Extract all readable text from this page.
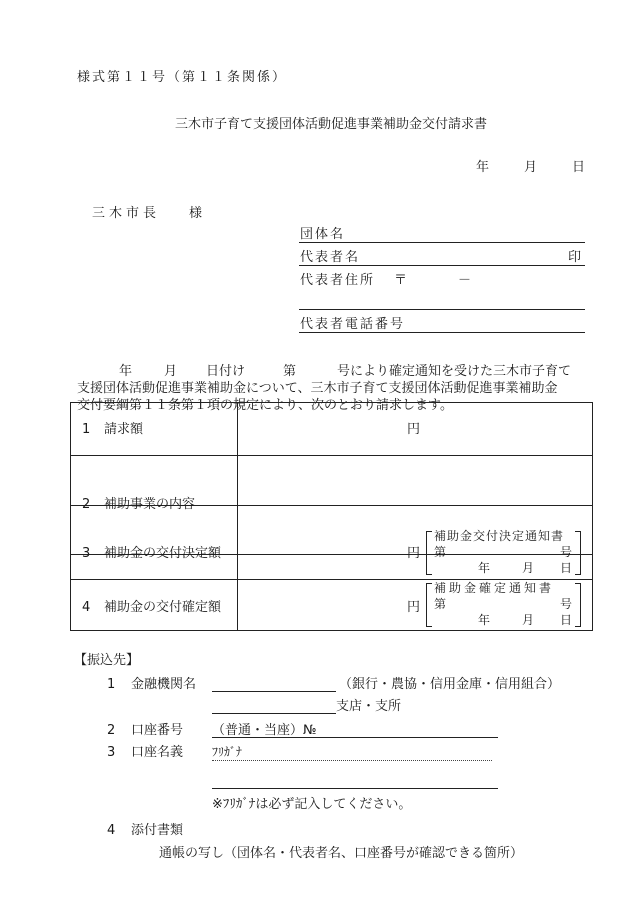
様式第１１号（第１１条関係）
三木市子育て支援団体活動促進事業補助金交付請求書
年	月	日
三木市長 様
団体名
代表者名	印
代表者住所 〒	－
代表者電話番号
年 月 日付け	第	号により確定通知を受けた三木市子育て
支援団体活動促進事業補助金について、三木市子育て支援団体活動促進事業補助金
交付要綱第１１条第１項の規定により、次のとおり請求します。
1 請求額	円
2 補助事業の内容
3 補助金の交付決定額	円
補助金交付決定通知書
第	号
年	月 日
4 補助金の交付確定額	円
補助金確定通知書
第	号
年	月 日
【振込先】
1 金融機関名	（銀行・農協・信用金庫・信用組合）
支店・支所
2 口座番号 （普通・当座）№
3 口座名義 ﾌﾘｶﾞﾅ
※ﾌﾘｶﾞﾅは必ず記入してください。
4 添付書類
通帳の写し（団体名・代表者名、口座番号が確認できる箇所）
